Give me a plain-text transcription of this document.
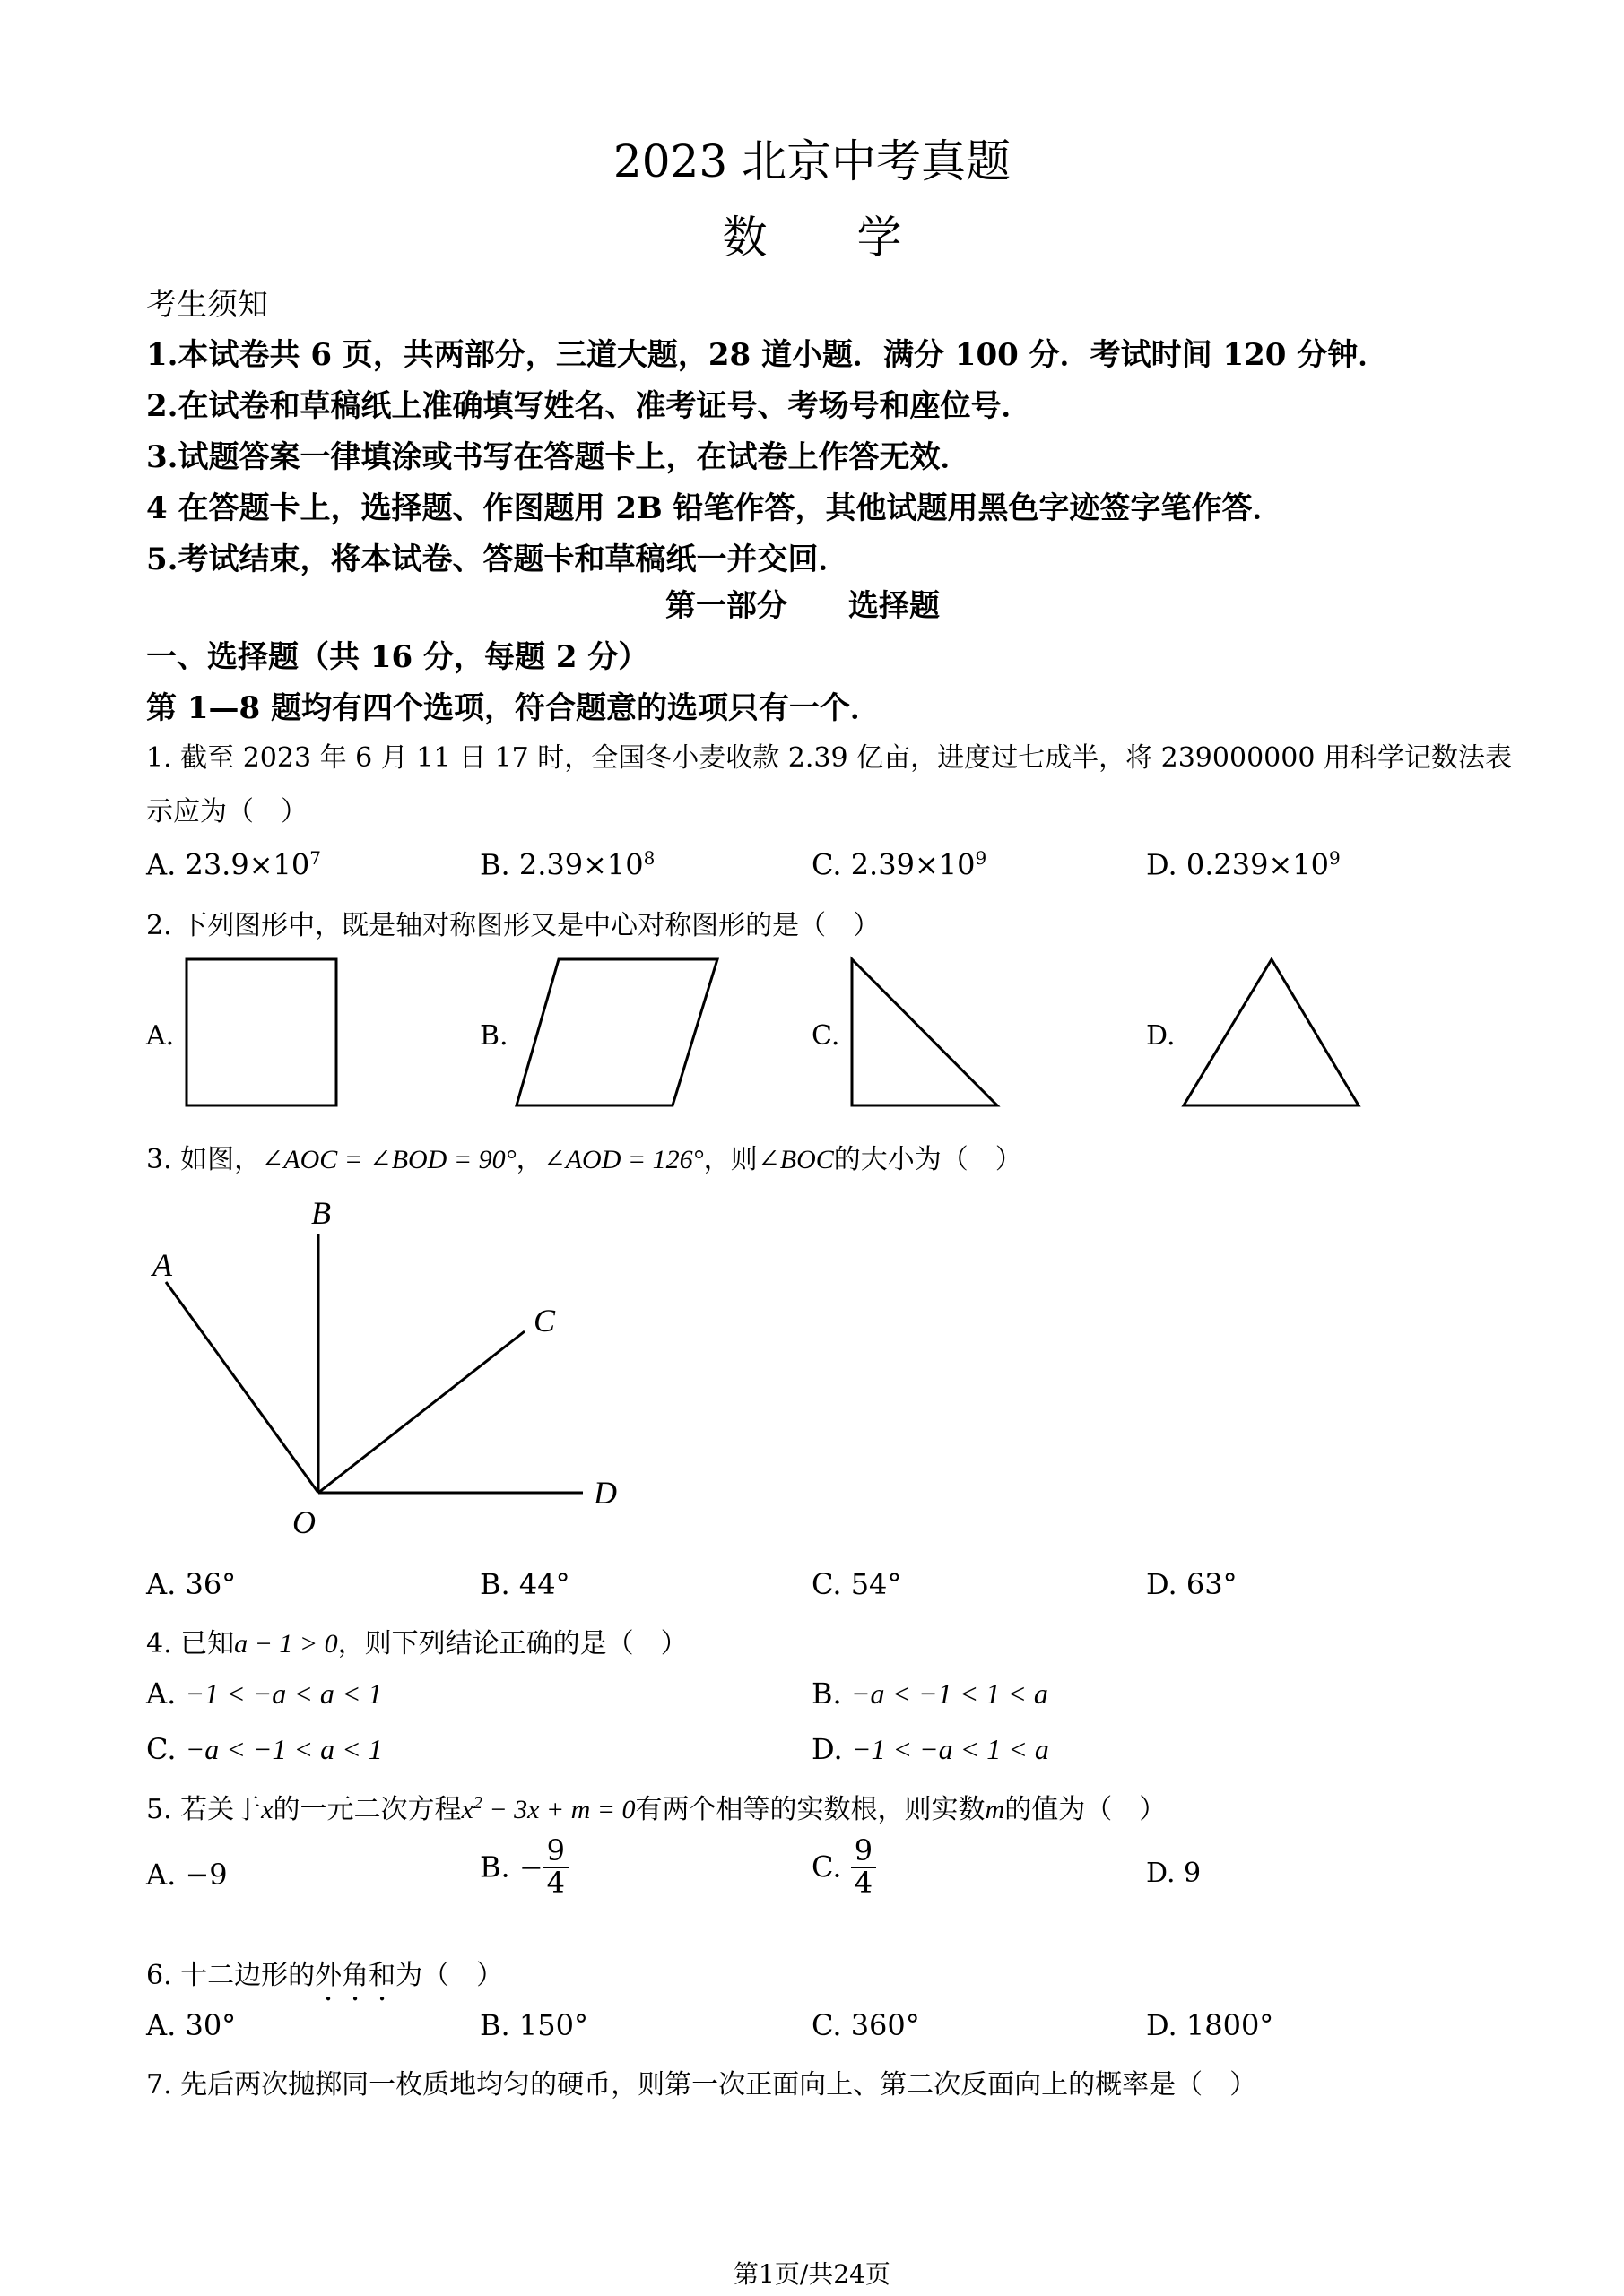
2023 北京中考真题
数　　学
考生须知
1.本试卷共 6 页，共两部分，三道大题，28 道小题．满分 100 分．考试时间 120 分钟．
2.在试卷和草稿纸上准确填写姓名、准考证号、考场号和座位号．
3.试题答案一律填涂或书写在答题卡上，在试卷上作答无效．
4 在答题卡上，选择题、作图题用 2B 铅笔作答，其他试题用黑色字迹签字笔作答．
5.考试结束，将本试卷、答题卡和草稿纸一并交回．
第一部分　　选择题
一、选择题（共 16 分，每题 2 分）
第 1—8 题均有四个选项，符合题意的选项只有一个．
1. 截至 2023 年 6 月 11 日 17 时，全国冬小麦收款 2.39 亿亩，进度过七成半，将 239000000 用科学记数法表
示应为（　）
A. $23.9\times 10^7$	B. $2.39\times 10^8$	C. $2.39\times 10^9$	D. $0.239\times 10^9$
2. 下列图形中，既是轴对称图形又是中心对称图形的是（　）
A.	B.	C.	D.
3. 如图，∠AOC = ∠BOD = 90°，∠AOD = 126°，则∠BOC的大小为（　）
A
B
C
D
O
A. 36°	B. 44°	C. 54°	D. 63°
4. 已知a − 1 > 0，则下列结论正确的是（　）
A. −1 < −a < a < 1	B. −a < −1 < 1 < a
C. −a < −1 < a < 1	D. −1 < −a < 1 < a
5. 若关于x的一元二次方程$x^2 - 3x + m = 0$有两个相等的实数根，则实数m的值为（　）
A. −9	B. − $\frac{9}{4}$	C. $\frac{9}{4}$	D. 9
6. 十二边形的外角和为（　）
A. 30°	B. 150°	C. 360°	D. 1800°
7. 先后两次抛掷同一枚质地均匀的硬币，则第一次正面向上、第二次反面向上的概率是（　）
第1页/共24页
